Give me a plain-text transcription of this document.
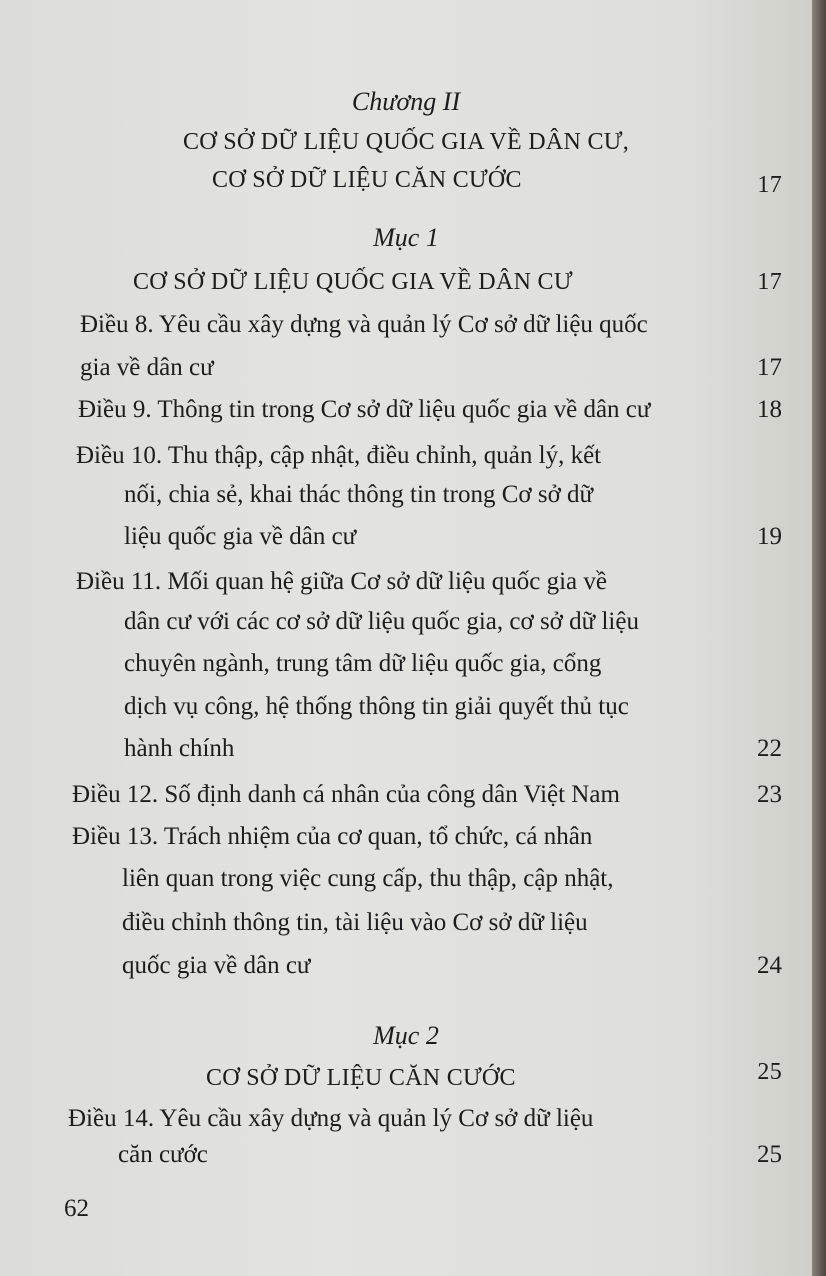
Chương II
CƠ SỞ DỮ LIỆU QUỐC GIA VỀ DÂN CƯ,
CƠ SỞ DỮ LIỆU CĂN CƯỚC	17
Mục 1
CƠ SỞ DỮ LIỆU QUỐC GIA VỀ DÂN CƯ	17
Điều 8. Yêu cầu xây dựng và quản lý Cơ sở dữ liệu quốc
gia về dân cư	17
Điều 9. Thông tin trong Cơ sở dữ liệu quốc gia về dân cư	18
Điều 10. Thu thập, cập nhật, điều chỉnh, quản lý, kết
nối, chia sẻ, khai thác thông tin trong Cơ sở dữ
liệu quốc gia về dân cư	19
Điều 11. Mối quan hệ giữa Cơ sở dữ liệu quốc gia về
dân cư với các cơ sở dữ liệu quốc gia, cơ sở dữ liệu
chuyên ngành, trung tâm dữ liệu quốc gia, cổng
dịch vụ công, hệ thống thông tin giải quyết thủ tục
hành chính	22
Điều 12. Số định danh cá nhân của công dân Việt Nam	23
Điều 13. Trách nhiệm của cơ quan, tổ chức, cá nhân
liên quan trong việc cung cấp, thu thập, cập nhật,
điều chỉnh thông tin, tài liệu vào Cơ sở dữ liệu
quốc gia về dân cư	24
Mục 2
CƠ SỞ DỮ LIỆU CĂN CƯỚC	25
Điều 14. Yêu cầu xây dựng và quản lý Cơ sở dữ liệu
căn cước	25
62
